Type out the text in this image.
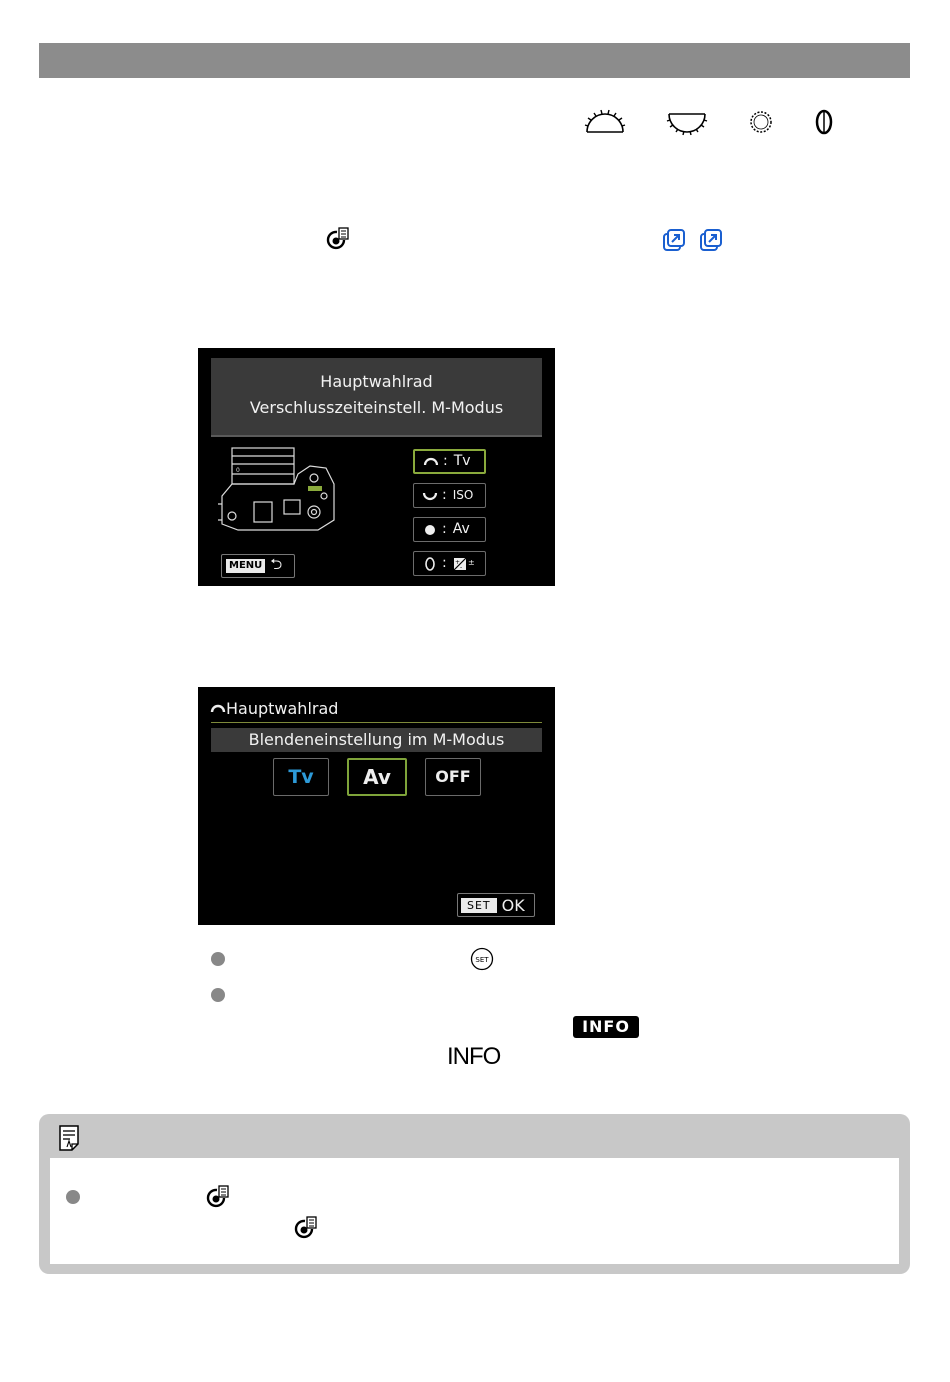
Hauptwahlrad
Verschlusszeiteinstell. M-Modus
0
: Tv
: ISO
: Av
: +
-
±
MENU ⮌
Hauptwahlrad
Blendeneinstellung im M-Modus
Tv	Av	OFF
SET OK
SET
INFO
INFO
